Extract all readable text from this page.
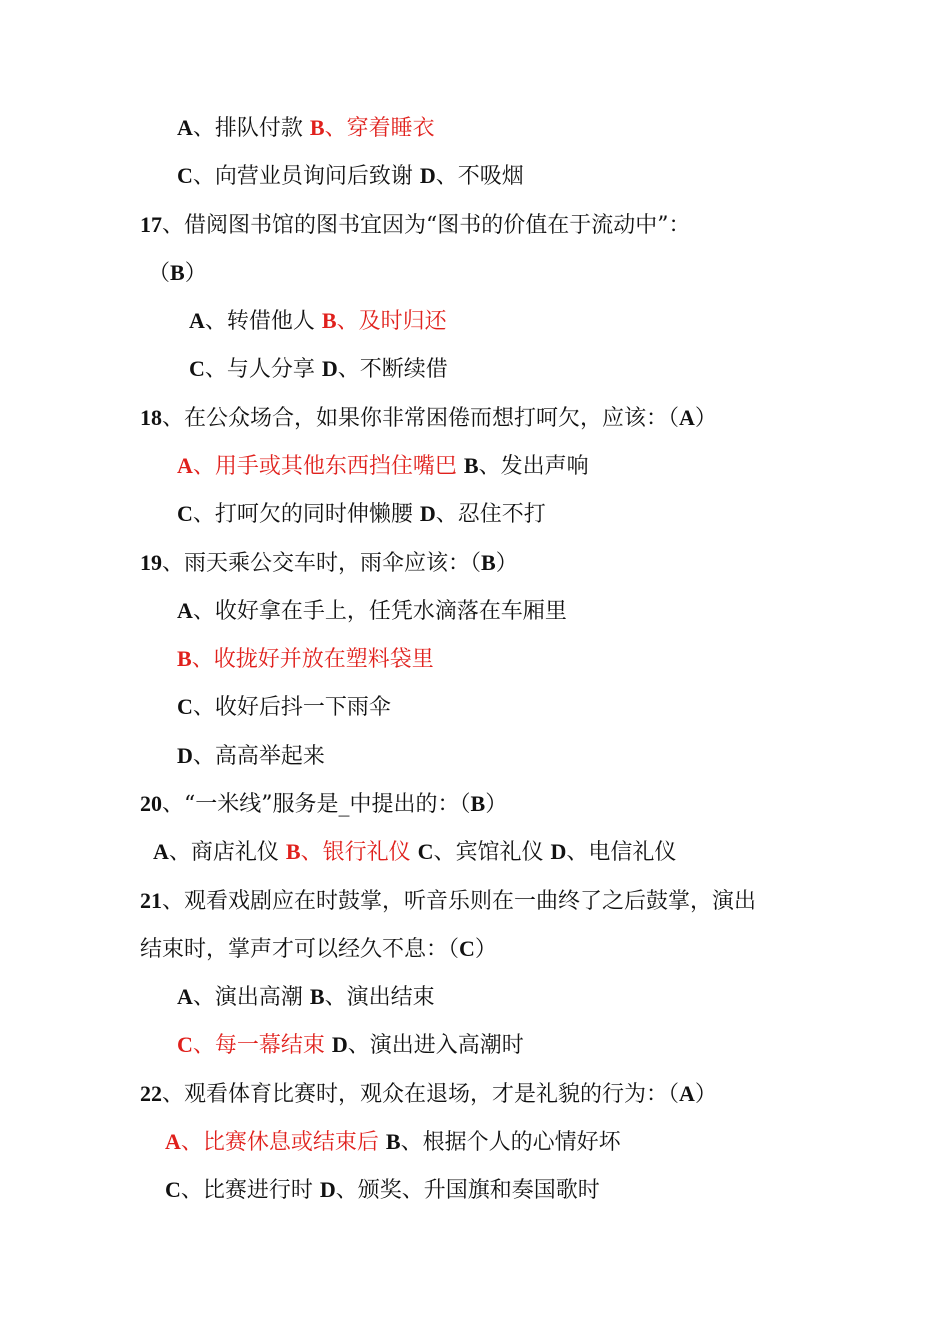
A、排队付款 B、穿着睡衣
C、向营业员询问后致谢 D、不吸烟
17、借阅图书馆的图书宜因为“图书的价值在于流动中”：
（B）
A、转借他人 B、及时归还
C、与人分享 D、不断续借
18、在公众场合，如果你非常困倦而想打呵欠，应该：（A）
A、用手或其他东西挡住嘴巴 B、发出声响
C、打呵欠的同时伸懒腰 D、忍住不打
19、雨天乘公交车时，雨伞应该：（B）
A、收好拿在手上，任凭水滴落在车厢里
B、收拢好并放在塑料袋里
C、收好后抖一下雨伞
D、高高举起来
20、“一米线”服务是_中提出的：（B）
A、商店礼仪 B、银行礼仪 C、宾馆礼仪 D、电信礼仪
21、观看戏剧应在时鼓掌，听音乐则在一曲终了之后鼓掌，演出
结束时，掌声才可以经久不息：（C）
A、演出高潮 B、演出结束
C、每一幕结束 D、演出进入高潮时
22、观看体育比赛时，观众在退场，才是礼貌的行为：（A）
A、比赛休息或结束后 B、根据个人的心情好坏
C、比赛进行时 D、颁奖、升国旗和奏国歌时
